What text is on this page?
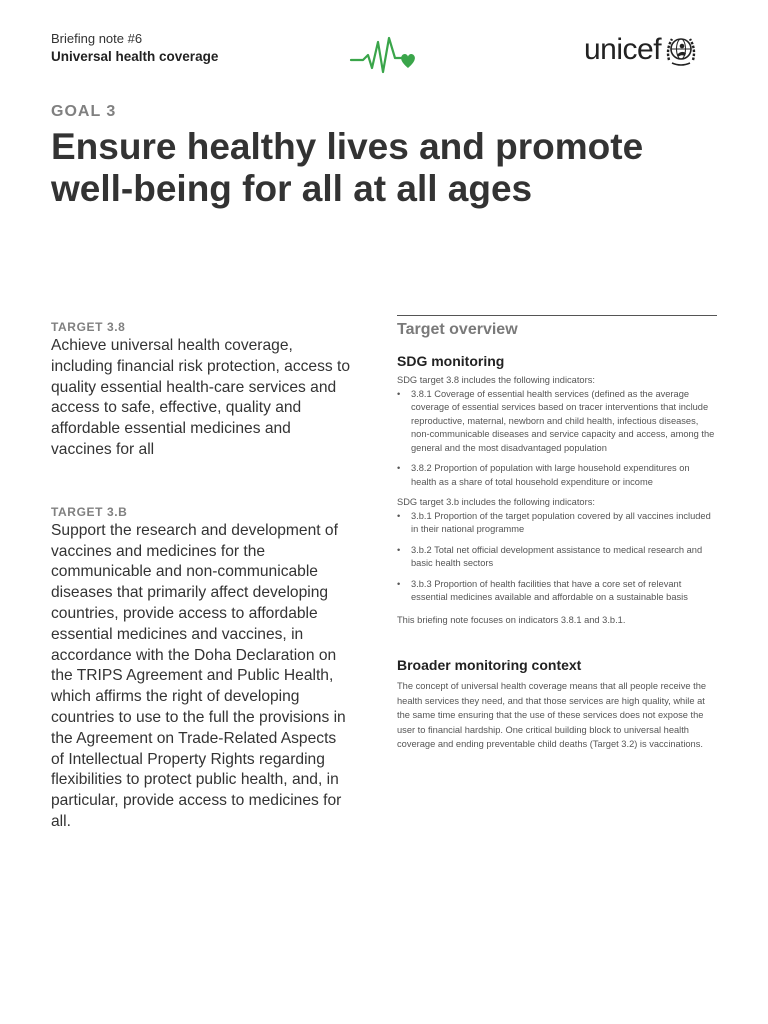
Briefing note #6
Universal health coverage	unicef
GOAL 3
Ensure healthy lives and promote well-being for all at all ages
TARGET 3.8

Achieve universal health coverage, including financial risk protection, access to quality essential health-care services and access to safe, effective, quality and affordable essential medicines and vaccines for all

TARGET 3.B

Support the research and development of vaccines and medicines for the communicable and non-communicable diseases that primarily affect developing countries, provide access to affordable essential medicines and vaccines, in accordance with the Doha Declaration on the TRIPS Agreement and Public Health, which affirms the right of developing countries to use to the full the provisions in the Agreement on Trade-Related Aspects of Intellectual Property Rights regarding flexibilities to protect public health, and, in particular, provide access to medicines for all.

Target overview
SDG monitoring
SDG target 3.8 includes the following indicators:
• 3.8.1 Coverage of essential health services (defined as the average coverage of essential services based on tracer interventions that include reproductive, maternal, newborn and child health, infectious diseases, non-communicable diseases and service capacity and access, among the general and the most disadvantaged population
• 3.8.2 Proportion of population with large household expenditures on health as a share of total household expenditure or income
SDG target 3.b includes the following indicators:
• 3.b.1 Proportion of the target population covered by all vaccines included in their national programme
• 3.b.2 Total net official development assistance to medical research and basic health sectors
• 3.b.3 Proportion of health facilities that have a core set of relevant essential medicines available and affordable on a sustainable basis
This briefing note focuses on indicators 3.8.1 and 3.b.1.
Broader monitoring context
The concept of universal health coverage means that all people receive the health services they need, and that those services are high quality, while at the same time ensuring that the use of these services does not expose the user to financial hardship. One critical building block to universal health coverage and ending preventable child deaths (Target 3.2) is vaccinations.
